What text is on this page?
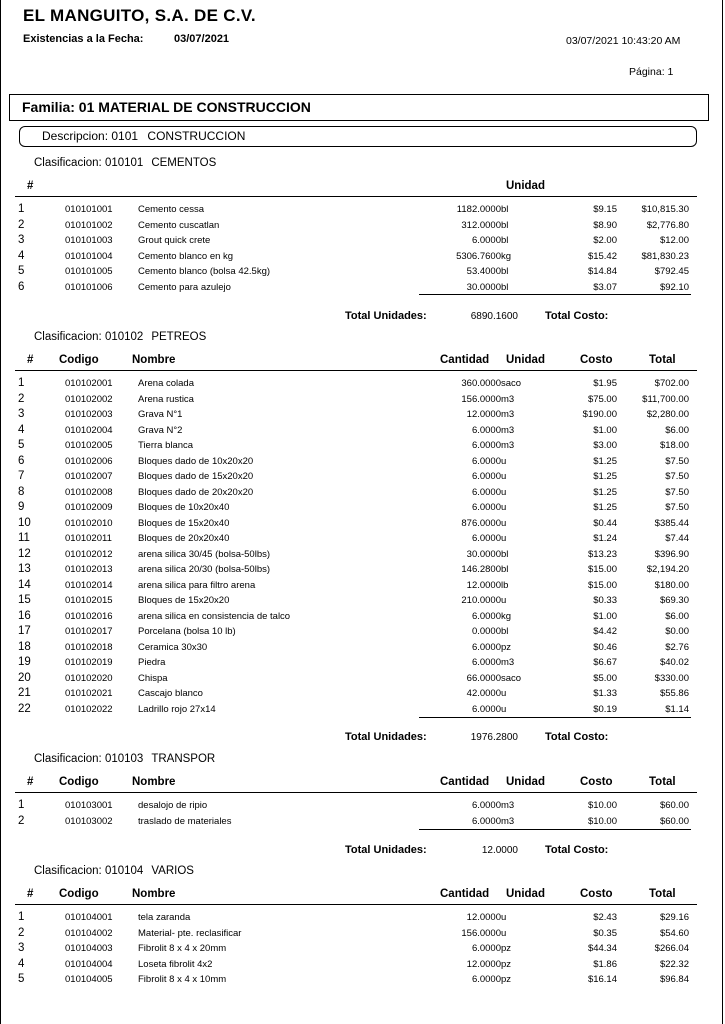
EL MANGUITO, S.A. DE C.V.
Existencias a la Fecha:	03/07/2021	03/07/2021 10:43:20 AM
Página: 1
Familia: 01 MATERIAL DE CONSTRUCCION
Descripcion: 0101 CONSTRUCCION
Clasificacion: 010101 CEMENTOS
#	Unidad
1	010101001	Cemento cessa	1182.0000 bl	$9.15	$10,815.30
2	010101002	Cemento cuscatlan	312.0000 bl	$8.90	$2,776.80
3	010101003	Grout quick crete	6.0000 bl	$2.00	$12.00
4	010101004	Cemento blanco en kg	5306.7600 kg	$15.42	$81,830.23
5	010101005	Cemento blanco (bolsa 42.5kg)	53.4000 bl	$14.84	$792.45
6	010101006	Cemento para azulejo	30.0000 bl	$3.07	$92.10
Total Unidades:	6890.1600 Total Costo:
Clasificacion: 010102 PETREOS
# Codigo	Nombre	Cantidad Unidad	Costo	Total
1	010102001	Arena colada	360.0000 saco	$1.95	$702.00
2	010102002	Arena rustica	156.0000 m3	$75.00	$11,700.00
3	010102003	Grava N°1	12.0000 m3	$190.00	$2,280.00
4	010102004	Grava N°2	6.0000 m3	$1.00	$6.00
5	010102005	Tierra blanca	6.0000 m3	$3.00	$18.00
6	010102006	Bloques dado de 10x20x20	6.0000 u	$1.25	$7.50
7	010102007	Bloques dado de 15x20x20	6.0000 u	$1.25	$7.50
8	010102008	Bloques dado de 20x20x20	6.0000 u	$1.25	$7.50
9	010102009	Bloques de 10x20x40	6.0000 u	$1.25	$7.50
10	010102010	Bloques de 15x20x40	876.0000 u	$0.44	$385.44
11	010102011	Bloques de 20x20x40	6.0000 u	$1.24	$7.44
12	010102012	arena silica 30/45 (bolsa-50lbs)	30.0000 bl	$13.23	$396.90
13	010102013	arena silica 20/30 (bolsa-50lbs)	146.2800 bl	$15.00	$2,194.20
14	010102014	arena silica para filtro arena	12.0000 lb	$15.00	$180.00
15	010102015	Bloques de 15x20x20	210.0000 u	$0.33	$69.30
16	010102016	arena silica en consistencia de talco	6.0000 kg	$1.00	$6.00
17	010102017	Porcelana (bolsa 10 lb)	0.0000 bl	$4.42	$0.00
18	010102018	Ceramica 30x30	6.0000 pz	$0.46	$2.76
19	010102019	Piedra	6.0000 m3	$6.67	$40.02
20	010102020	Chispa	66.0000 saco	$5.00	$330.00
21	010102021	Cascajo blanco	42.0000 u	$1.33	$55.86
22	010102022	Ladrillo rojo 27x14	6.0000 u	$0.19	$1.14
Total Unidades:	1976.2800 Total Costo:
Clasificacion: 010103 TRANSPOR
# Codigo	Nombre	Cantidad Unidad	Costo	Total
1	010103001	desalojo de ripio	6.0000 m3	$10.00	$60.00
2	010103002	traslado de materiales	6.0000 m3	$10.00	$60.00
Total Unidades:	12.0000 Total Costo:
Clasificacion: 010104 VARIOS
# Codigo	Nombre	Cantidad Unidad	Costo	Total
1	010104001	tela zaranda	12.0000 u	$2.43	$29.16
2	010104002	Material- pte. reclasificar	156.0000 u	$0.35	$54.60
3	010104003	Fibrolit 8 x 4 x 20mm	6.0000 pz	$44.34	$266.04
4	010104004	Loseta fibrolit 4x2	12.0000 pz	$1.86	$22.32
5	010104005	Fibrolit 8 x 4 x 10mm	6.0000 pz	$16.14	$96.84
